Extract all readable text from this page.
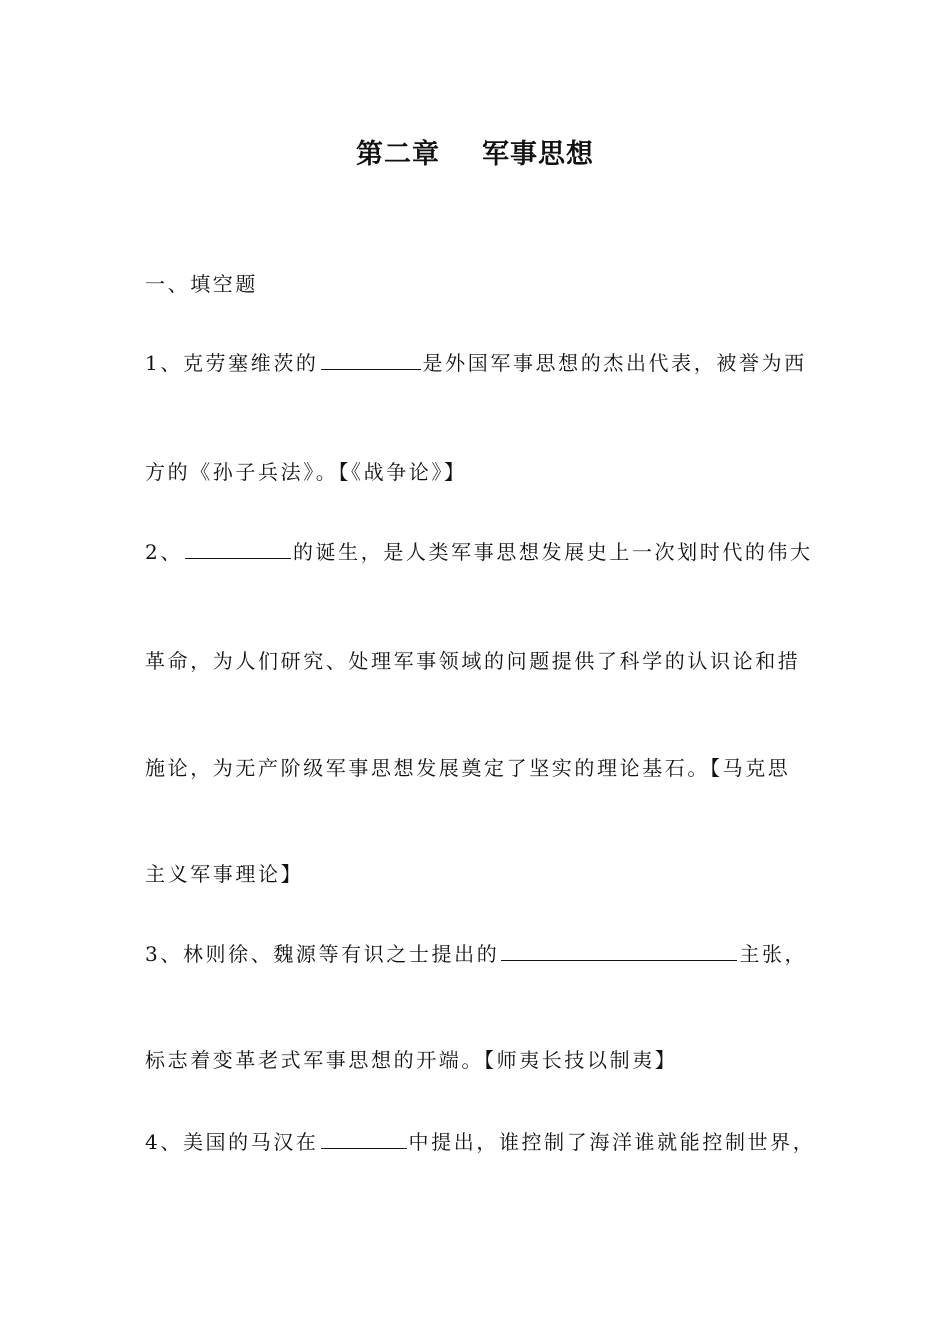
第二章 军事思想
一、填空题
1、克劳塞维茨的	是外国军事思想的杰出代表，被誉为西
方的《孙子兵法》。【《战争论》】
2、	的诞生，是人类军事思想发展史上一次划时代的伟大
革命，为人们研究、处理军事领域的问题提供了科学的认识论和措
施论，为无产阶级军事思想发展奠定了坚实的理论基石。【马克思
主义军事理论】
3、林则徐、魏源等有识之士提出的	主张，
标志着变革老式军事思想的开端。【师夷长技以制夷】
4、美国的马汉在	中提出，谁控制了海洋谁就能控制世界，
